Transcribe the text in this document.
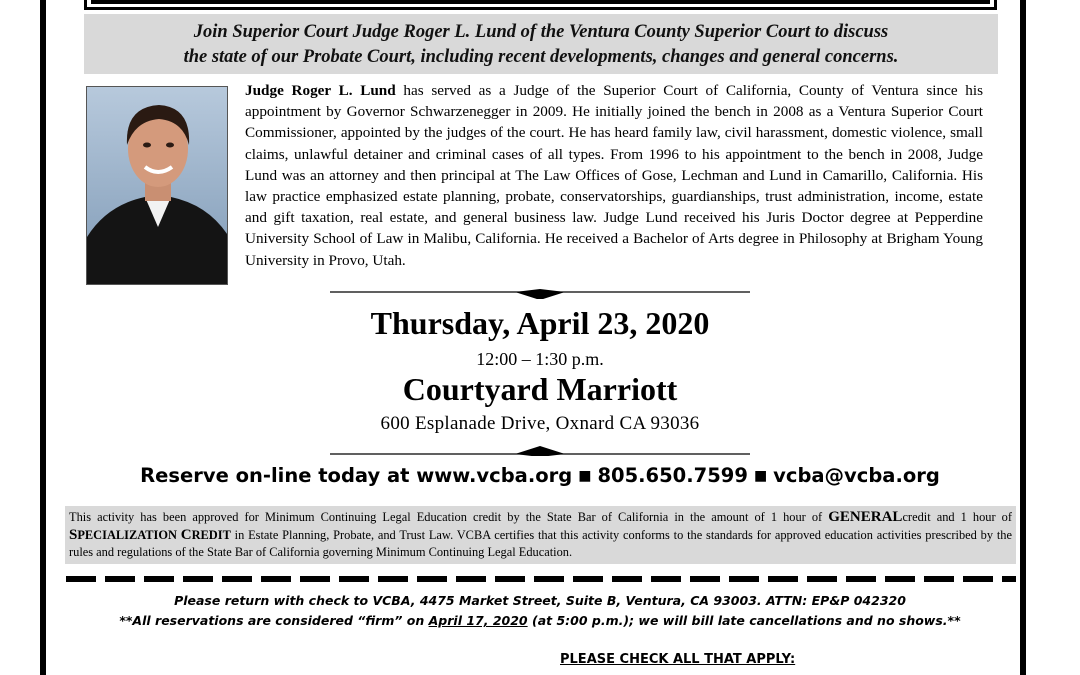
Join Superior Court Judge Roger L. Lund of the Ventura County Superior Court to discuss
the state of our Probate Court, including recent developments, changes and general concerns.
Judge Roger L. Lund has served as a Judge of the Superior Court of California, County of Ventura since his appointment by Governor Schwarzenegger in 2009. He initially joined the bench in 2008 as a Ventura Superior Court Commissioner, appointed by the judges of the court. He has heard family law, civil harassment, domestic violence, small claims, unlawful detainer and criminal cases of all types. From 1996 to his appointment to the bench in 2008, Judge Lund was an attorney and then principal at The Law Offices of Gose, Lechman and Lund in Camarillo, California. His law practice emphasized estate planning, probate, conservatorships, guardianships, trust administration, income, estate and gift taxation, real estate, and general business law. Judge Lund received his Juris Doctor degree at Pepperdine University School of Law in Malibu, California. He received a Bachelor of Arts degree in Philosophy at Brigham Young University in Provo, Utah.
Thursday, April 23, 2020
12:00 – 1:30 p.m.
Courtyard Marriott
600 Esplanade Drive, Oxnard CA 93036
Reserve on-line today at www.vcba.org ■ 805.650.7599 ■ vcba@vcba.org
This activity has been approved for Minimum Continuing Legal Education credit by the State Bar of California in the amount of 1 hour of GENERALcredit and 1 hour of SPECIALIZATION CREDIT in Estate Planning, Probate, and Trust Law. VCBA certifies that this activity conforms to the standards for approved education activities prescribed by the rules and regulations of the State Bar of California governing Minimum Continuing Legal Education.
Please return with check to VCBA, 4475 Market Street, Suite B, Ventura, CA 93003. ATTN: EP&P 042320
**All reservations are considered “firm” on April 17, 2020 (at 5:00 p.m.); we will bill late cancellations and no shows.**
PLEASE CHECK ALL THAT APPLY:
